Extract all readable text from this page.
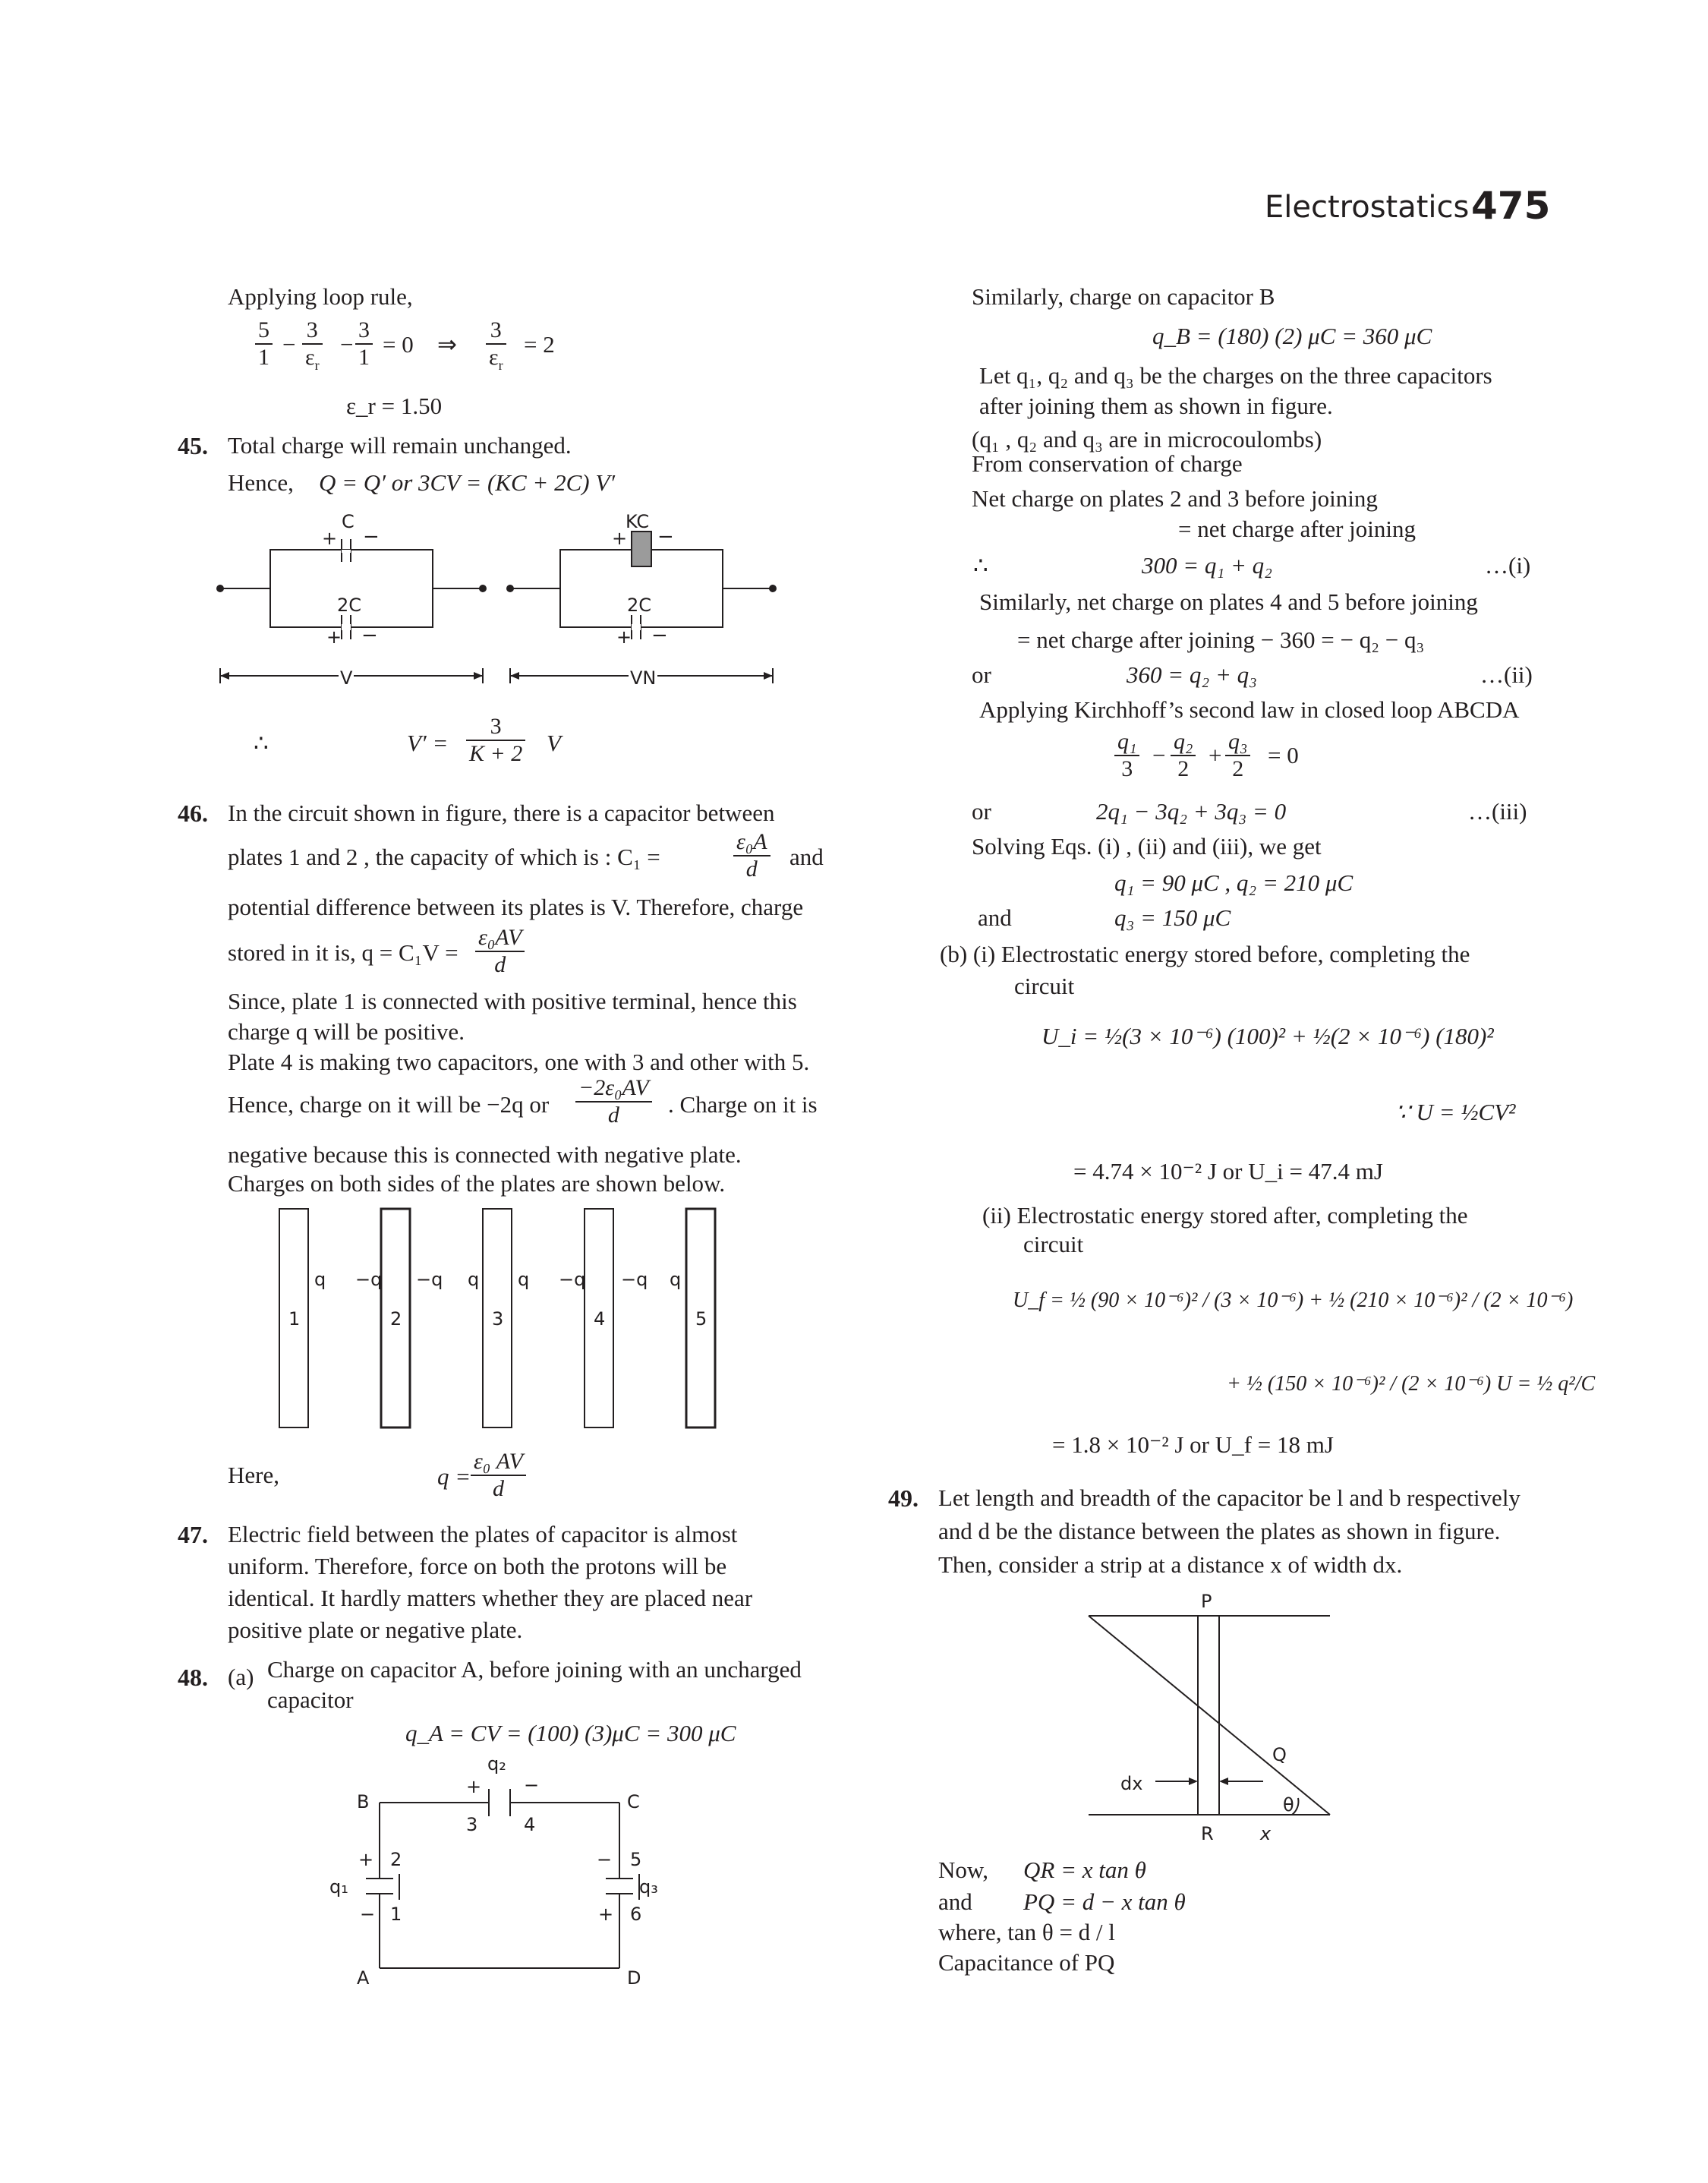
Electrostatics 475
Applying loop rule,
$\frac{5}{1} - \frac{3}{\varepsilon_r} - \frac{3}{1} = 0$ ⇒ $\frac{3}{\varepsilon_r} = 2$
ε_r = 1.50
45. Total charge will remain unchanged.
Hence, Q = Q′ or 3CV = (KC + 2C) V′
C
+ −
2C
+ −
KC
+ −
2C
+ −
V	VN
∴	$V' = \frac{3}{K + 2}$ V
46. In the circuit shown in figure, there is a capacitor between
plates 1 and 2 , the capacity of which is : C₁ =	$\frac{\text{ε₀A}}{d}$ and
potential difference between its plates is V. Therefore, charge
stored in it is, $q = C_1V = \frac{\text{ε₀AV}}{d}$
Since, plate 1 is connected with positive terminal, hence this
charge q will be positive.
Plate 4 is making two capacitors, one with 3 and other with 5.
Hence, charge on it will be −2q or $\frac{\text{−2ε₀AV}}{d}$ . Charge on it is
negative because this is connected with negative plate.
Charges on both sides of the plates are shown below.
1	2	3	4	5
q −q −q q q −q −q q
Here,	$q = \frac{\text{ε₀ AV}}{d}$
47. Electric field between the plates of capacitor is almost
uniform. Therefore, force on both the protons will be
identical. It hardly matters whether they are placed near
positive plate or negative plate.
48. (a) Charge on capacitor A, before joining with an uncharged
capacitor
q_A = CV = (100) (3)μC = 300 μC
q₂
+ −
3	4
B	C
A	D
+ 2
q₁
− 1
− 5
q₃
+ 6
Similarly, charge on capacitor B
q_B = (180) (2) μC = 360 μC
Let q₁, q₂ and q₃ be the charges on the three capacitors
after joining them as shown in figure.
(q₁ , q₂ and q₃ are in microcoulombs)
From conservation of charge
Net charge on plates 2 and 3 before joining
= net charge after joining
∴	300 = q₁ + q₂	…(i)
Similarly, net charge on plates 4 and 5 before joining
= net charge after joining − 360 = − q₂ − q₃
or	360 = q₂ + q₃	…(ii)
Applying Kirchhoff’s second law in closed loop ABCDA
$\frac{\text{q₁}}{3} - \frac{\text{q₂}}{2} + \frac{\text{q₃}}{2} = 0$
or	2q₁ − 3q₂ + 3q₃ = 0	…(iii)
Solving Eqs. (i) , (ii) and (iii), we get
q₁ = 90 μC , q₂ = 210 μC
and	q₃ = 150 μC
(b) (i) Electrostatic energy stored before, completing the
circuit
U_i = ½(3 × 10⁻⁶) (100)² + ½(2 × 10⁻⁶) (180)²
∵ U = ½CV²
= 4.74 × 10⁻² J or U_i = 47.4 mJ
(ii) Electrostatic energy stored after, completing the
circuit
U_f = ½ (90 × 10⁻⁶)² / (3 × 10⁻⁶) + ½ (210 × 10⁻⁶)² / (2 × 10⁻⁶)
+ ½ (150 × 10⁻⁶)² / (2 × 10⁻⁶) U = ½ q²/C
= 1.8 × 10⁻² J or U_f = 18 mJ
49. Let length and breadth of the capacitor be l and b respectively
and d be the distance between the plates as shown in figure.
Then, consider a strip at a distance x of width dx.
P
Q
dx
θ
R	x
Now, QR = x tan θ
and PQ = d − x tan θ
where, tan θ = d / l
Capacitance of PQ
